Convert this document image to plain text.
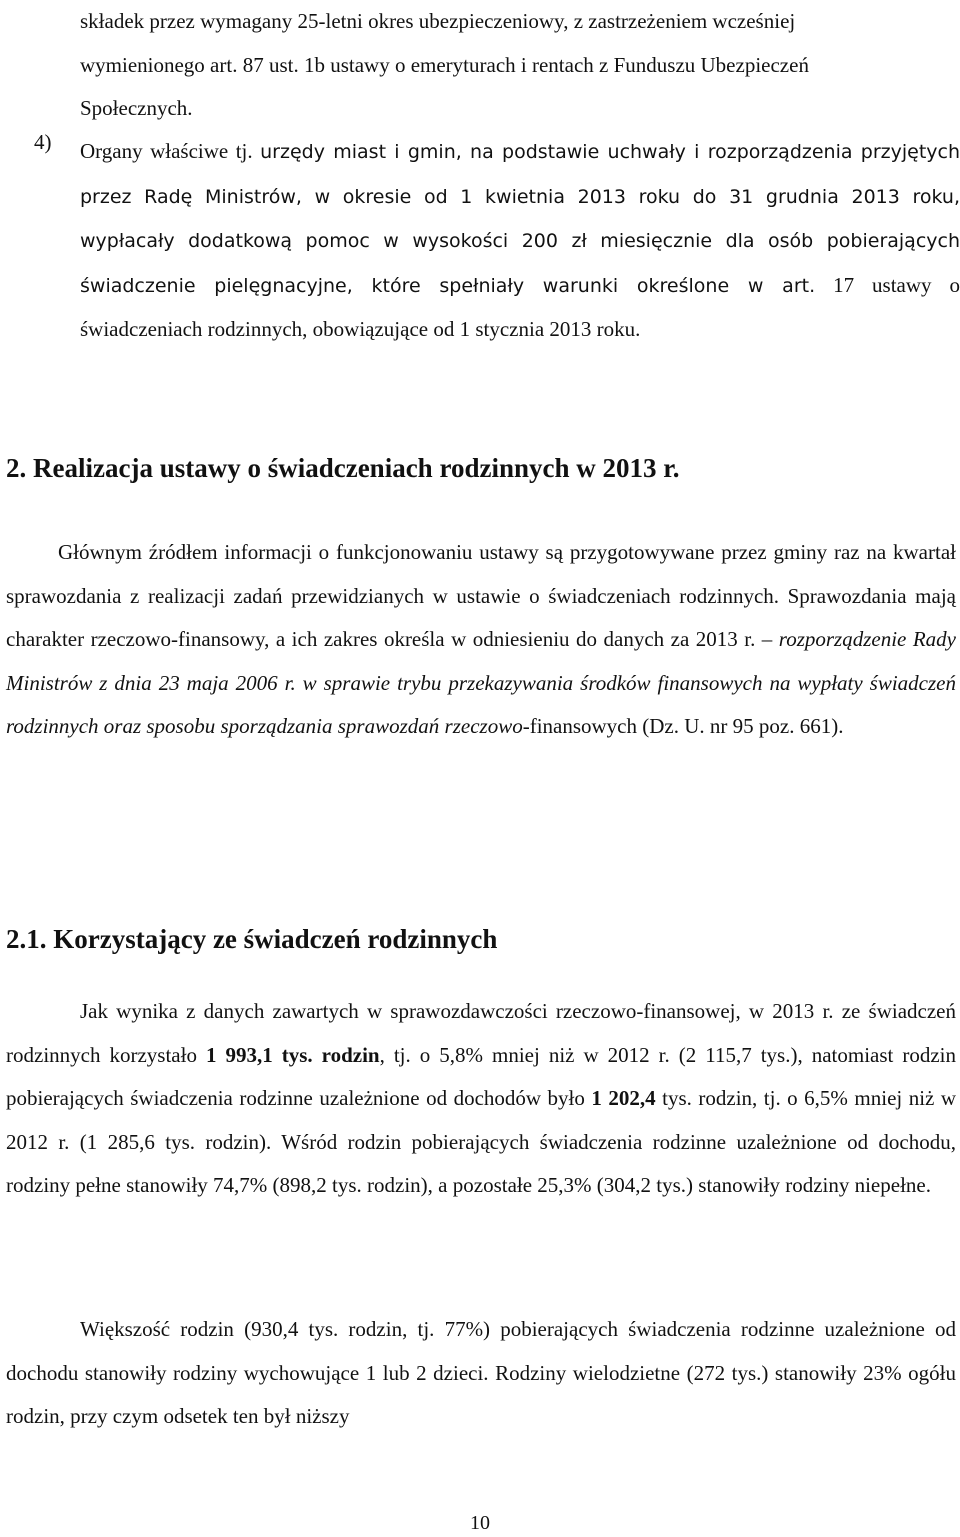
składek przez wymagany 25-letni okres ubezpieczeniowy, z zastrzeżeniem wcześniej

wymienionego art. 87 ust. 1b ustawy o emeryturach i rentach z Funduszu Ubezpieczeń

Społecznych.

4) Organy właściwe tj. urzędy miast i gmin, na podstawie uchwały i rozporządzenia przyjętych przez Radę Ministrów, w okresie od 1 kwietnia 2013 roku do 31 grudnia 2013 roku, wypłacały dodatkową pomoc w wysokości 200 zł miesięcznie dla osób pobierających świadczenie pielęgnacyjne, które spełniały warunki określone w art. 17 ustawy o świadczeniach rodzinnych, obowiązujące od 1 stycznia 2013 roku.

2. Realizacja ustawy o świadczeniach rodzinnych w 2013 r.

Głównym źródłem informacji o funkcjonowaniu ustawy są przygotowywane przez gminy raz na kwartał sprawozdania z realizacji zadań przewidzianych w ustawie o świadczeniach rodzinnych. Sprawozdania mają charakter rzeczowo-finansowy, a ich zakres określa w odniesieniu do danych za 2013 r. – rozporządzenie Rady Ministrów z dnia 23 maja 2006 r. w sprawie trybu przekazywania środków finansowych na wypłaty świadczeń rodzinnych oraz sposobu sporządzania sprawozdań rzeczowo-finansowych (Dz. U. nr 95 poz. 661).

2.1. Korzystający ze świadczeń rodzinnych

Jak wynika z danych zawartych w sprawozdawczości rzeczowo-finansowej, w 2013 r. ze świadczeń rodzinnych korzystało 1 993,1 tys. rodzin, tj. o 5,8% mniej niż w 2012 r. (2 115,7 tys.), natomiast rodzin pobierających świadczenia rodzinne uzależnione od dochodów było 1 202,4 tys. rodzin, tj. o 6,5% mniej niż w 2012 r. (1 285,6 tys. rodzin). Wśród rodzin pobierających świadczenia rodzinne uzależnione od dochodu, rodziny pełne stanowiły 74,7% (898,2 tys. rodzin), a pozostałe 25,3% (304,2 tys.) stanowiły rodziny niepełne.

Większość rodzin (930,4 tys. rodzin, tj. 77%) pobierających świadczenia rodzinne uzależnione od dochodu stanowiły rodziny wychowujące 1 lub 2 dzieci. Rodziny wielodzietne (272 tys.) stanowiły 23% ogółu rodzin, przy czym odsetek ten był niższy

10
